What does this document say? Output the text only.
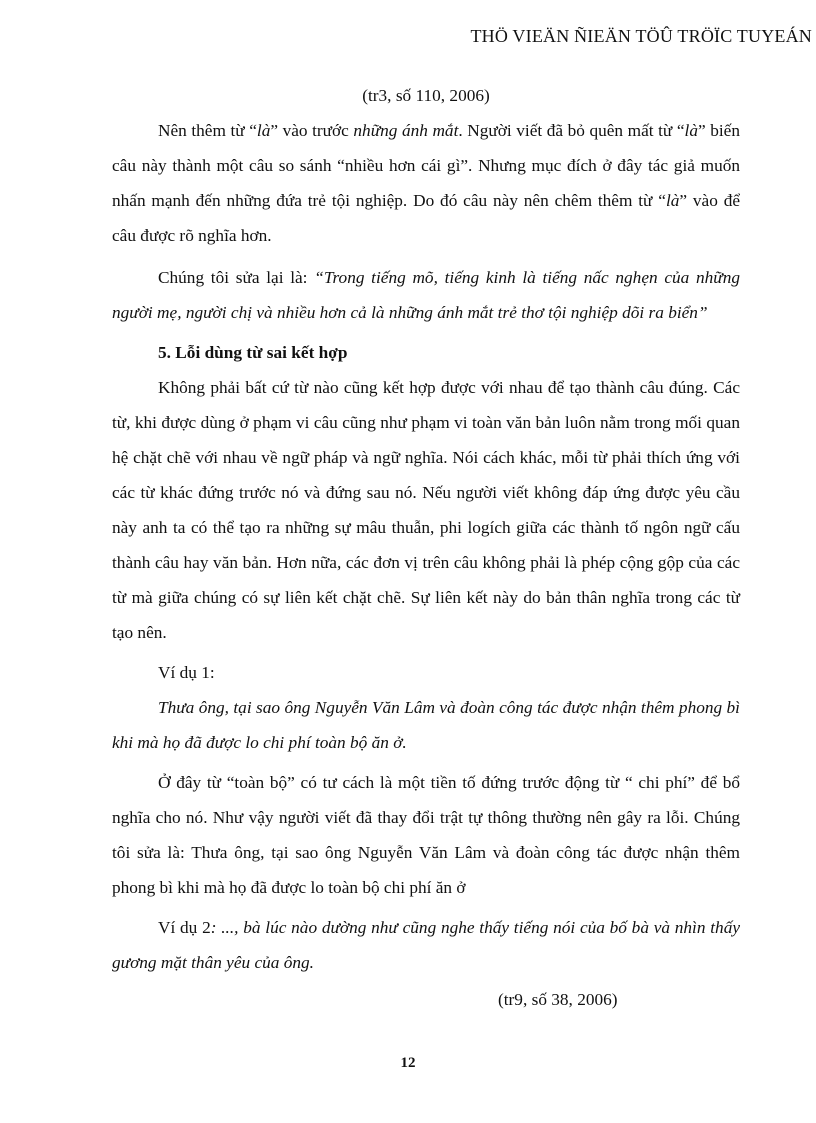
THÖ VIEÄN ÑIEÄN TÖÛ TRÖÏC TUYEÁN

(tr3, số 110, 2006)

Nên thêm từ “là” vào trước những ánh mắt. Người viết đã bỏ quên mất từ “là” biến câu này thành một câu so sánh “nhiều hơn cái gì”. Nhưng mục đích ở đây tác giả muốn nhấn mạnh đến những đứa trẻ tội nghiệp. Do đó câu này nên chêm thêm từ “là” vào để câu được rõ nghĩa hơn.

Chúng tôi sửa lại là: “Trong tiếng mõ, tiếng kinh là tiếng nấc nghẹn của những người mẹ, người chị và nhiều hơn cả là những ánh mắt trẻ thơ tội nghiệp dõi ra biển”

5. Lỗi dùng từ sai kết hợp

Không phải bất cứ từ nào cũng kết hợp được với nhau để tạo thành câu đúng. Các từ, khi được dùng ở phạm vi câu cũng như phạm vi toàn văn bản luôn nằm trong mối quan hệ chặt chẽ với nhau về ngữ pháp và ngữ nghĩa. Nói cách khác, mỗi từ phải thích ứng với các từ khác đứng trước nó và đứng sau nó. Nếu người viết không đáp ứng được yêu cầu này anh ta có thể tạo ra những sự mâu thuẫn, phi logích giữa các thành tố ngôn ngữ cấu thành câu hay văn bản. Hơn nữa, các đơn vị trên câu không phải là phép cộng gộp của các từ mà giữa chúng có sự liên kết chặt chẽ. Sự liên kết này do bản thân nghĩa trong các từ tạo nên.

Ví dụ 1:

Thưa ông, tại sao ông Nguyễn Văn Lâm và đoàn công tác được nhận thêm phong bì khi mà họ đã được lo chi phí toàn bộ ăn ở.

Ở đây từ “toàn bộ” có tư cách là một tiền tố đứng trước động từ “ chi phí” để bổ nghĩa cho nó. Như vậy người viết đã thay đổi trật tự thông thường nên gây ra lỗi. Chúng tôi sửa là: Thưa ông, tại sao ông Nguyễn Văn Lâm và đoàn công tác được nhận thêm phong bì khi mà họ đã được lo toàn bộ chi phí ăn ở

Ví dụ 2: ..., bà lúc nào dường như cũng nghe thấy tiếng nói của bố bà và nhìn thấy gương mặt thân yêu của ông.

(tr9, số 38, 2006)

12
